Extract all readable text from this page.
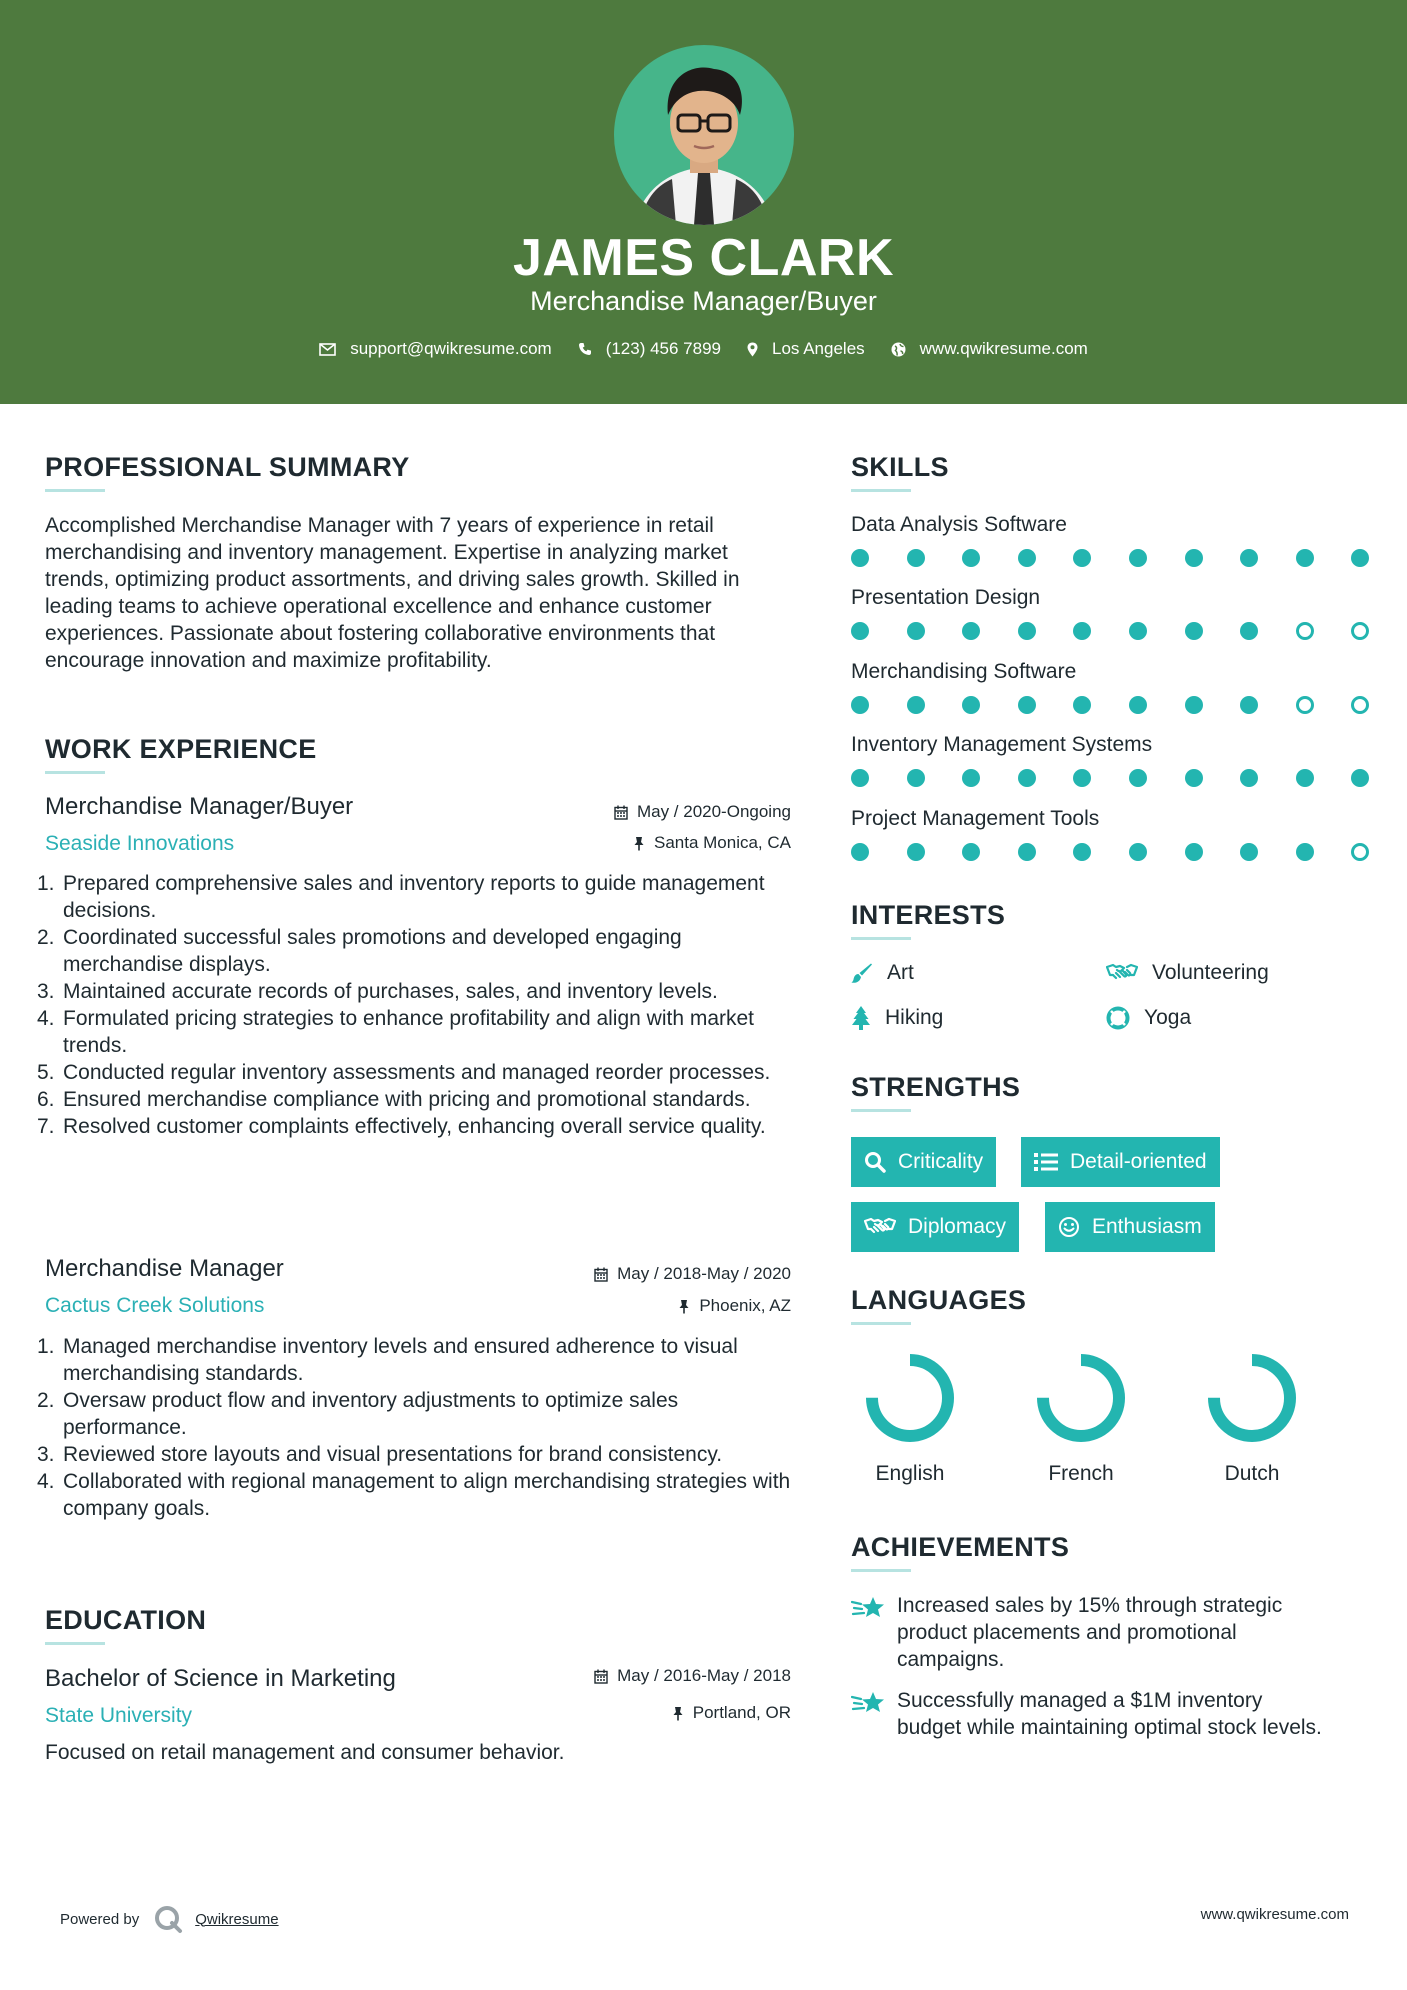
JAMES CLARK
Merchandise Manager/Buyer
support@qwikresume.com	(123) 456 7899	Los Angeles	www.qwikresume.com
PROFESSIONAL SUMMARY
Accomplished Merchandise Manager with 7 years of experience in retail merchandising and inventory management. Expertise in analyzing market trends, optimizing product assortments, and driving sales growth. Skilled in leading teams to achieve operational excellence and enhance customer experiences. Passionate about fostering collaborative environments that encourage innovation and maximize profitability.
WORK EXPERIENCE
Merchandise Manager/Buyer
Seaside Innovations
May / 2020-Ongoing
Santa Monica, CA
1. Prepared comprehensive sales and inventory reports to guide management decisions.
2. Coordinated successful sales promotions and developed engaging merchandise displays.
3. Maintained accurate records of purchases, sales, and inventory levels.
4. Formulated pricing strategies to enhance profitability and align with market trends.
5. Conducted regular inventory assessments and managed reorder processes.
6. Ensured merchandise compliance with pricing and promotional standards.
7. Resolved customer complaints effectively, enhancing overall service quality.
Merchandise Manager
Cactus Creek Solutions
May / 2018-May / 2020
Phoenix, AZ
1. Managed merchandise inventory levels and ensured adherence to visual merchandising standards.
2. Oversaw product flow and inventory adjustments to optimize sales performance.
3. Reviewed store layouts and visual presentations for brand consistency.
4. Collaborated with regional management to align merchandising strategies with company goals.
EDUCATION
Bachelor of Science in Marketing
State University
May / 2016-May / 2018
Portland, OR
Focused on retail management and consumer behavior.
SKILLS
Data Analysis Software
Presentation Design
Merchandising Software
Inventory Management Systems
Project Management Tools
INTERESTS
Art	Volunteering
Hiking	Yoga
STRENGTHS
Criticality	Detail-oriented
Diplomacy	Enthusiasm
LANGUAGES
English	French	Dutch
ACHIEVEMENTS
Increased sales by 15% through strategic product placements and promotional campaigns.
Successfully managed a $1M inventory budget while maintaining optimal stock levels.
Powered by	Qwikresume	www.qwikresume.com
